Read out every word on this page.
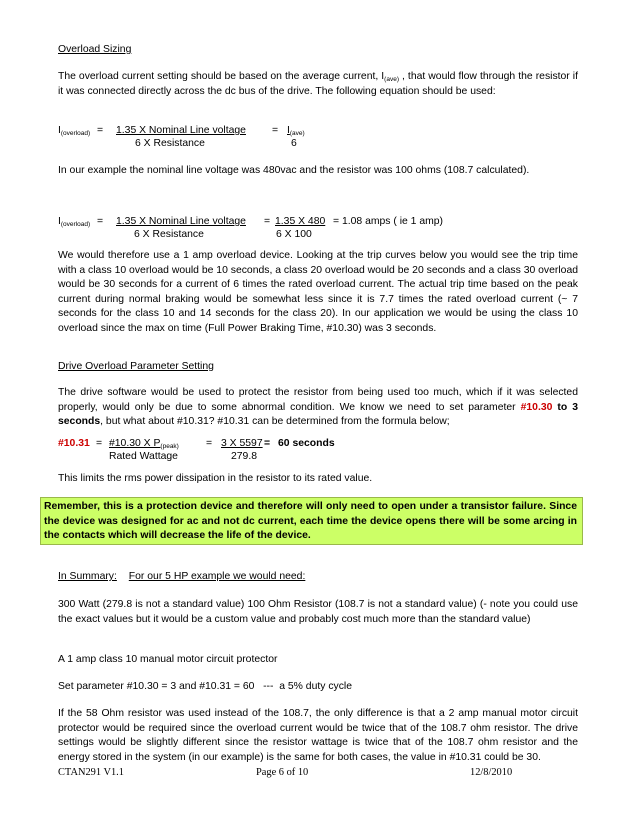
Overload Sizing
The overload current setting should be based on the average current, $I_{(ave)}$ , that would flow through the resistor if it was connected directly across the dc bus of the drive. The following equation should be used:
$I_{(overload)} = 1.35$ X Nominal Line voltage	= $I_{(ave)}$
6 X Resistance	6
In our example the nominal line voltage was 480vac and the resistor was 100 ohms (108.7 calculated).
$I_{(overload)} = 1.35$ X Nominal Line voltage = 1.35 X 480 = 1.08 amps ( ie 1 amp)
6 X Resistance	6 X 100
We would therefore use a 1 amp overload device. Looking at the trip curves below you would see the trip time with a class 10 overload would be 10 seconds, a class 20 overload would be 20 seconds and a class 30 overload would be 30 seconds for a current of 6 times the rated overload current. The actual trip time based on the peak current during normal braking would be somewhat less since it is 7.7 times the rated overload current (~ 7 seconds for the class 10 and 14 seconds for the class 20). In our application we would be using the class 10 overload since the max on time (Full Power Braking Time, #10.30) was 3 seconds.
Drive Overload Parameter Setting
The drive software would be used to protect the resistor from being used too much, which if it was selected properly, would only be due to some abnormal condition. We know we need to set parameter #10.30 to 3 seconds, but what about #10.31? #10.31 can be determined from the formula below;
#10.31 = #10.30 X $P_{(peak)}$	= 3 X 5597 = 60 seconds
Rated Wattage	279.8
This limits the rms power dissipation in the resistor to its rated value.
Remember, this is a protection device and therefore will only need to open under a transistor failure. Since the device was designed for ac and not dc current, each time the device opens there will be some arcing in the contacts which will decrease the life of the device.
In Summary: For our 5 HP example we would need:
300 Watt (279.8 is not a standard value) 100 Ohm Resistor (108.7 is not a standard value) (- note you could use the exact values but it would be a custom value and probably cost much more than the standard value)
A 1 amp class 10 manual motor circuit protector
Set parameter #10.30 = 3 and #10.31 = 60   ---  a 5% duty cycle
If the 58 Ohm resistor was used instead of the 108.7, the only difference is that a 2 amp manual motor circuit protector would be required since the overload current would be twice that of the 108.7 ohm resistor. The drive settings would be slightly different since the resistor wattage is twice that of the 108.7 ohm resistor and the energy stored in the system (in our example) is the same for both cases, the value in #10.31 could be 30.
CTAN291 V1.1	Page 6 of 10	12/8/2010
